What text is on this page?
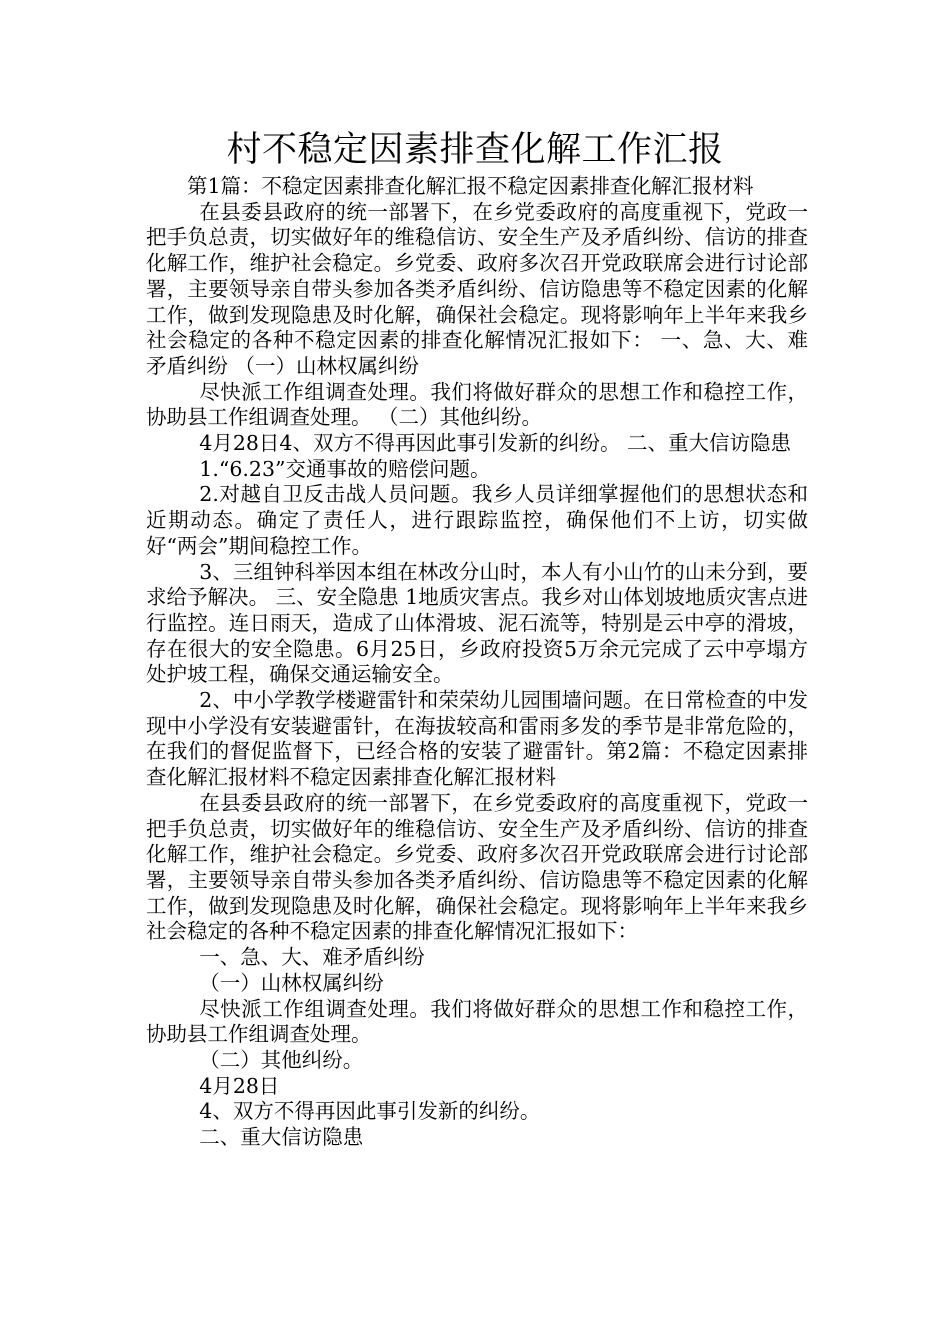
村不稳定因素排查化解工作汇报

第1篇：不稳定因素排查化解汇报不稳定因素排查化解汇报材料

在县委县政府的统一部署下，在乡党委政府的高度重视下，党政一把手负总责，切实做好年的维稳信访、安全生产及矛盾纠纷、信访的排查化解工作，维护社会稳定。乡党委、政府多次召开党政联席会进行讨论部署，主要领导亲自带头参加各类矛盾纠纷、信访隐患等不稳定因素的化解工作，做到发现隐患及时化解，确保社会稳定。现将影响年上半年来我乡社会稳定的各种不稳定因素的排查化解情况汇报如下： 一、急、大、难矛盾纠纷 （一）山林权属纠纷

尽快派工作组调查处理。我们将做好群众的思想工作和稳控工作，协助县工作组调查处理。 （二）其他纠纷。

4月28日4、双方不得再因此事引发新的纠纷。 二、重大信访隐患

1.“6.23”交通事故的赔偿问题。

2.对越自卫反击战人员问题。我乡人员详细掌握他们的思想状态和近期动态。确定了责任人，进行跟踪监控，确保他们不上访，切实做好“两会”期间稳控工作。

3、三组钟科举因本组在林改分山时，本人有小山竹的山未分到，要求给予解决。 三、安全隐患 1地质灾害点。我乡对山体划坡地质灾害点进行监控。连日雨天，造成了山体滑坡、泥石流等，特别是云中亭的滑坡，存在很大的安全隐患。6月25日，乡政府投资5万余元完成了云中亭塌方处护坡工程，确保交通运输安全。

2、中小学教学楼避雷针和荣荣幼儿园围墙问题。在日常检查的中发现中小学没有安装避雷针，在海拔较高和雷雨多发的季节是非常危险的，在我们的督促监督下，已经合格的安装了避雷针。第2篇：不稳定因素排查化解汇报材料不稳定因素排查化解汇报材料

在县委县政府的统一部署下，在乡党委政府的高度重视下，党政一把手负总责，切实做好年的维稳信访、安全生产及矛盾纠纷、信访的排查化解工作，维护社会稳定。乡党委、政府多次召开党政联席会进行讨论部署，主要领导亲自带头参加各类矛盾纠纷、信访隐患等不稳定因素的化解工作，做到发现隐患及时化解，确保社会稳定。现将影响年上半年来我乡社会稳定的各种不稳定因素的排查化解情况汇报如下：

一、急、大、难矛盾纠纷

（一）山林权属纠纷

尽快派工作组调查处理。我们将做好群众的思想工作和稳控工作，协助县工作组调查处理。

（二）其他纠纷。

4月28日

4、双方不得再因此事引发新的纠纷。

二、重大信访隐患
